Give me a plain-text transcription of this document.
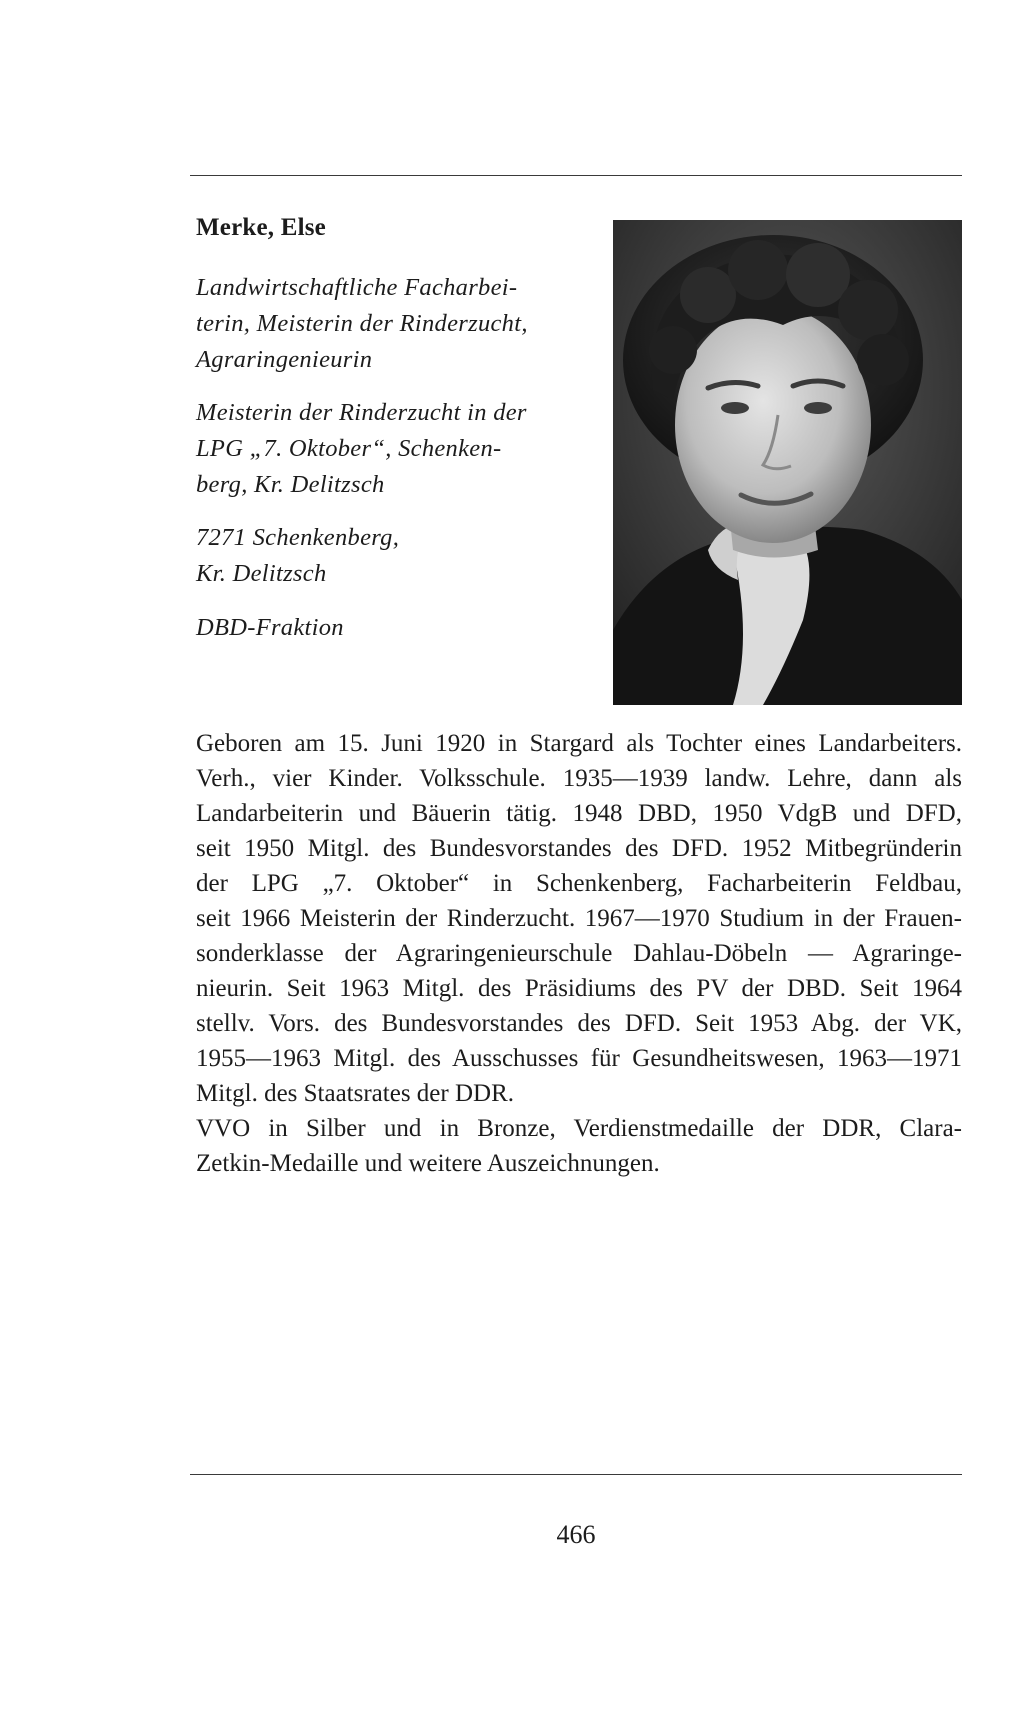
Merke, Else
Landwirtschaftliche Facharbei-
terin, Meisterin der Rinderzucht,
Agraringenieurin
Meisterin der Rinderzucht in der
LPG „7. Oktober“, Schenken-
berg, Kr. Delitzsch
7271 Schenkenberg,
Kr. Delitzsch
DBD-Fraktion
Geboren am 15. Juni 1920 in Stargard als Tochter eines Landarbeiters.
Verh., vier Kinder. Volksschule. 1935—1939 landw. Lehre, dann als
Landarbeiterin und Bäuerin tätig. 1948 DBD, 1950 VdgB und DFD,
seit 1950 Mitgl. des Bundesvorstandes des DFD. 1952 Mitbegründerin
der LPG „7. Oktober“ in Schenkenberg, Facharbeiterin Feldbau,
seit 1966 Meisterin der Rinderzucht. 1967—1970 Studium in der Frauen-
sonderklasse der Agraringenieurschule Dahlau-Döbeln — Agraringe-
nieurin. Seit 1963 Mitgl. des Präsidiums des PV der DBD. Seit 1964
stellv. Vors. des Bundesvorstandes des DFD. Seit 1953 Abg. der VK,
1955—1963 Mitgl. des Ausschusses für Gesundheitswesen, 1963—1971
Mitgl. des Staatsrates der DDR.
VVO in Silber und in Bronze, Verdienstmedaille der DDR, Clara-
Zetkin-Medaille und weitere Auszeichnungen.
466
